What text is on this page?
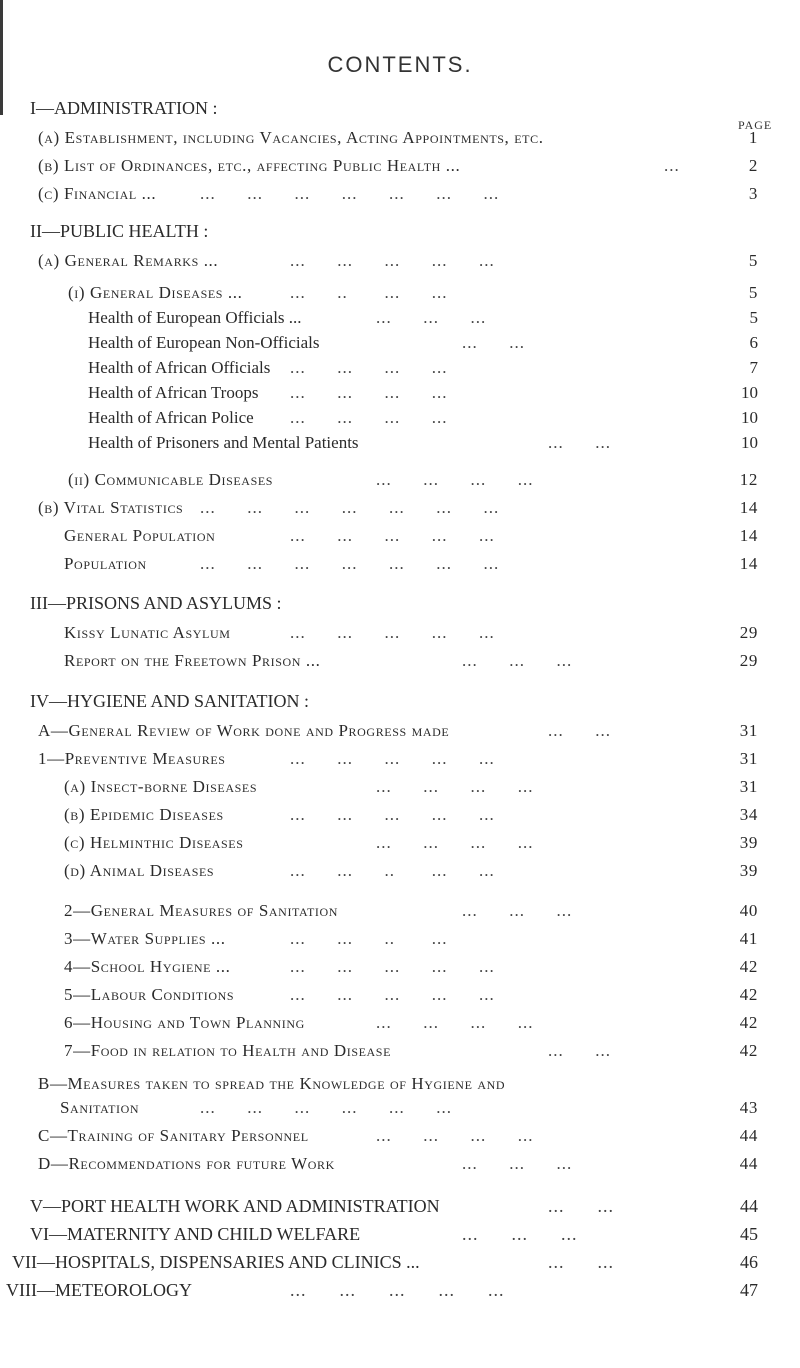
CONTENTS.
PAGE
I—ADMINISTRATION :
(a) Establishment, including Vacancies, Acting Appointments, etc.	1
(b) List of Ordinances, etc., affecting Public Health ...	...	2
(c) Financial ...	...      ...      ...      ...      ...      ...      ...	3
II—PUBLIC HEALTH :
(a) General Remarks ...	...      ...      ...      ...      ...	5
(i) General Diseases ...	...      ..       ...      ...	5
Health of European Officials ...	...      ...      ...	5
Health of European Non-Officials	...      ...	6
Health of African Officials ...      ...      ...      ...	7
Health of African Troops ...      ...      ...      ...	10
Health of African Police ...      ...      ...      ...	10
Health of Prisoners and Mental Patients	...      ...	10
(ii) Communicable Diseases	...      ...      ...      ...	12
(b) Vital Statistics ...      ...      ...      ...      ...      ...      ...	14
General Population	...      ...      ...      ...      ...	14
Population	...      ...      ...      ...      ...      ...      ...	14
III—PRISONS AND ASYLUMS :
Kissy Lunatic Asylum	...      ...      ...      ...      ...	29
Report on the Freetown Prison ...	...      ...      ...	29
IV—HYGIENE AND SANITATION :
A—General Review of Work done and Progress made	...      ...	31
1—Preventive Measures	...      ...      ...      ...      ...	31
(a) Insect-borne Diseases	...      ...      ...      ...	31
(b) Epidemic Diseases	...      ...      ...      ...      ...	34
(c) Helminthic Diseases	...      ...      ...      ...	39
(d) Animal Diseases	...      ...      ..       ...      ...	39
2—General Measures of Sanitation	...      ...      ...	40
3—Water Supplies ...	...      ...      ..       ...	41
4—School Hygiene ...	...      ...      ...      ...      ...	42
5—Labour Conditions	...      ...      ...      ...      ...	42
6—Housing and Town Planning	...      ...      ...      ...	42
7—Food in relation to Health and Disease	...      ...	42
B—Measures taken to spread the Knowledge of Hygiene and
Sanitation	...      ...      ...      ...      ...      ...	43
C—Training of Sanitary Personnel	...      ...      ...      ...	44
D—Recommendations for future Work	...      ...      ...	44
V—PORT HEALTH WORK AND ADMINISTRATION	...      ...	44
VI—MATERNITY AND CHILD WELFARE	...      ...      ...	45
VII—HOSPITALS, DISPENSARIES AND CLINICS ...	...      ...	46
VIII—METEOROLOGY	...      ...      ...      ...      ...	47
